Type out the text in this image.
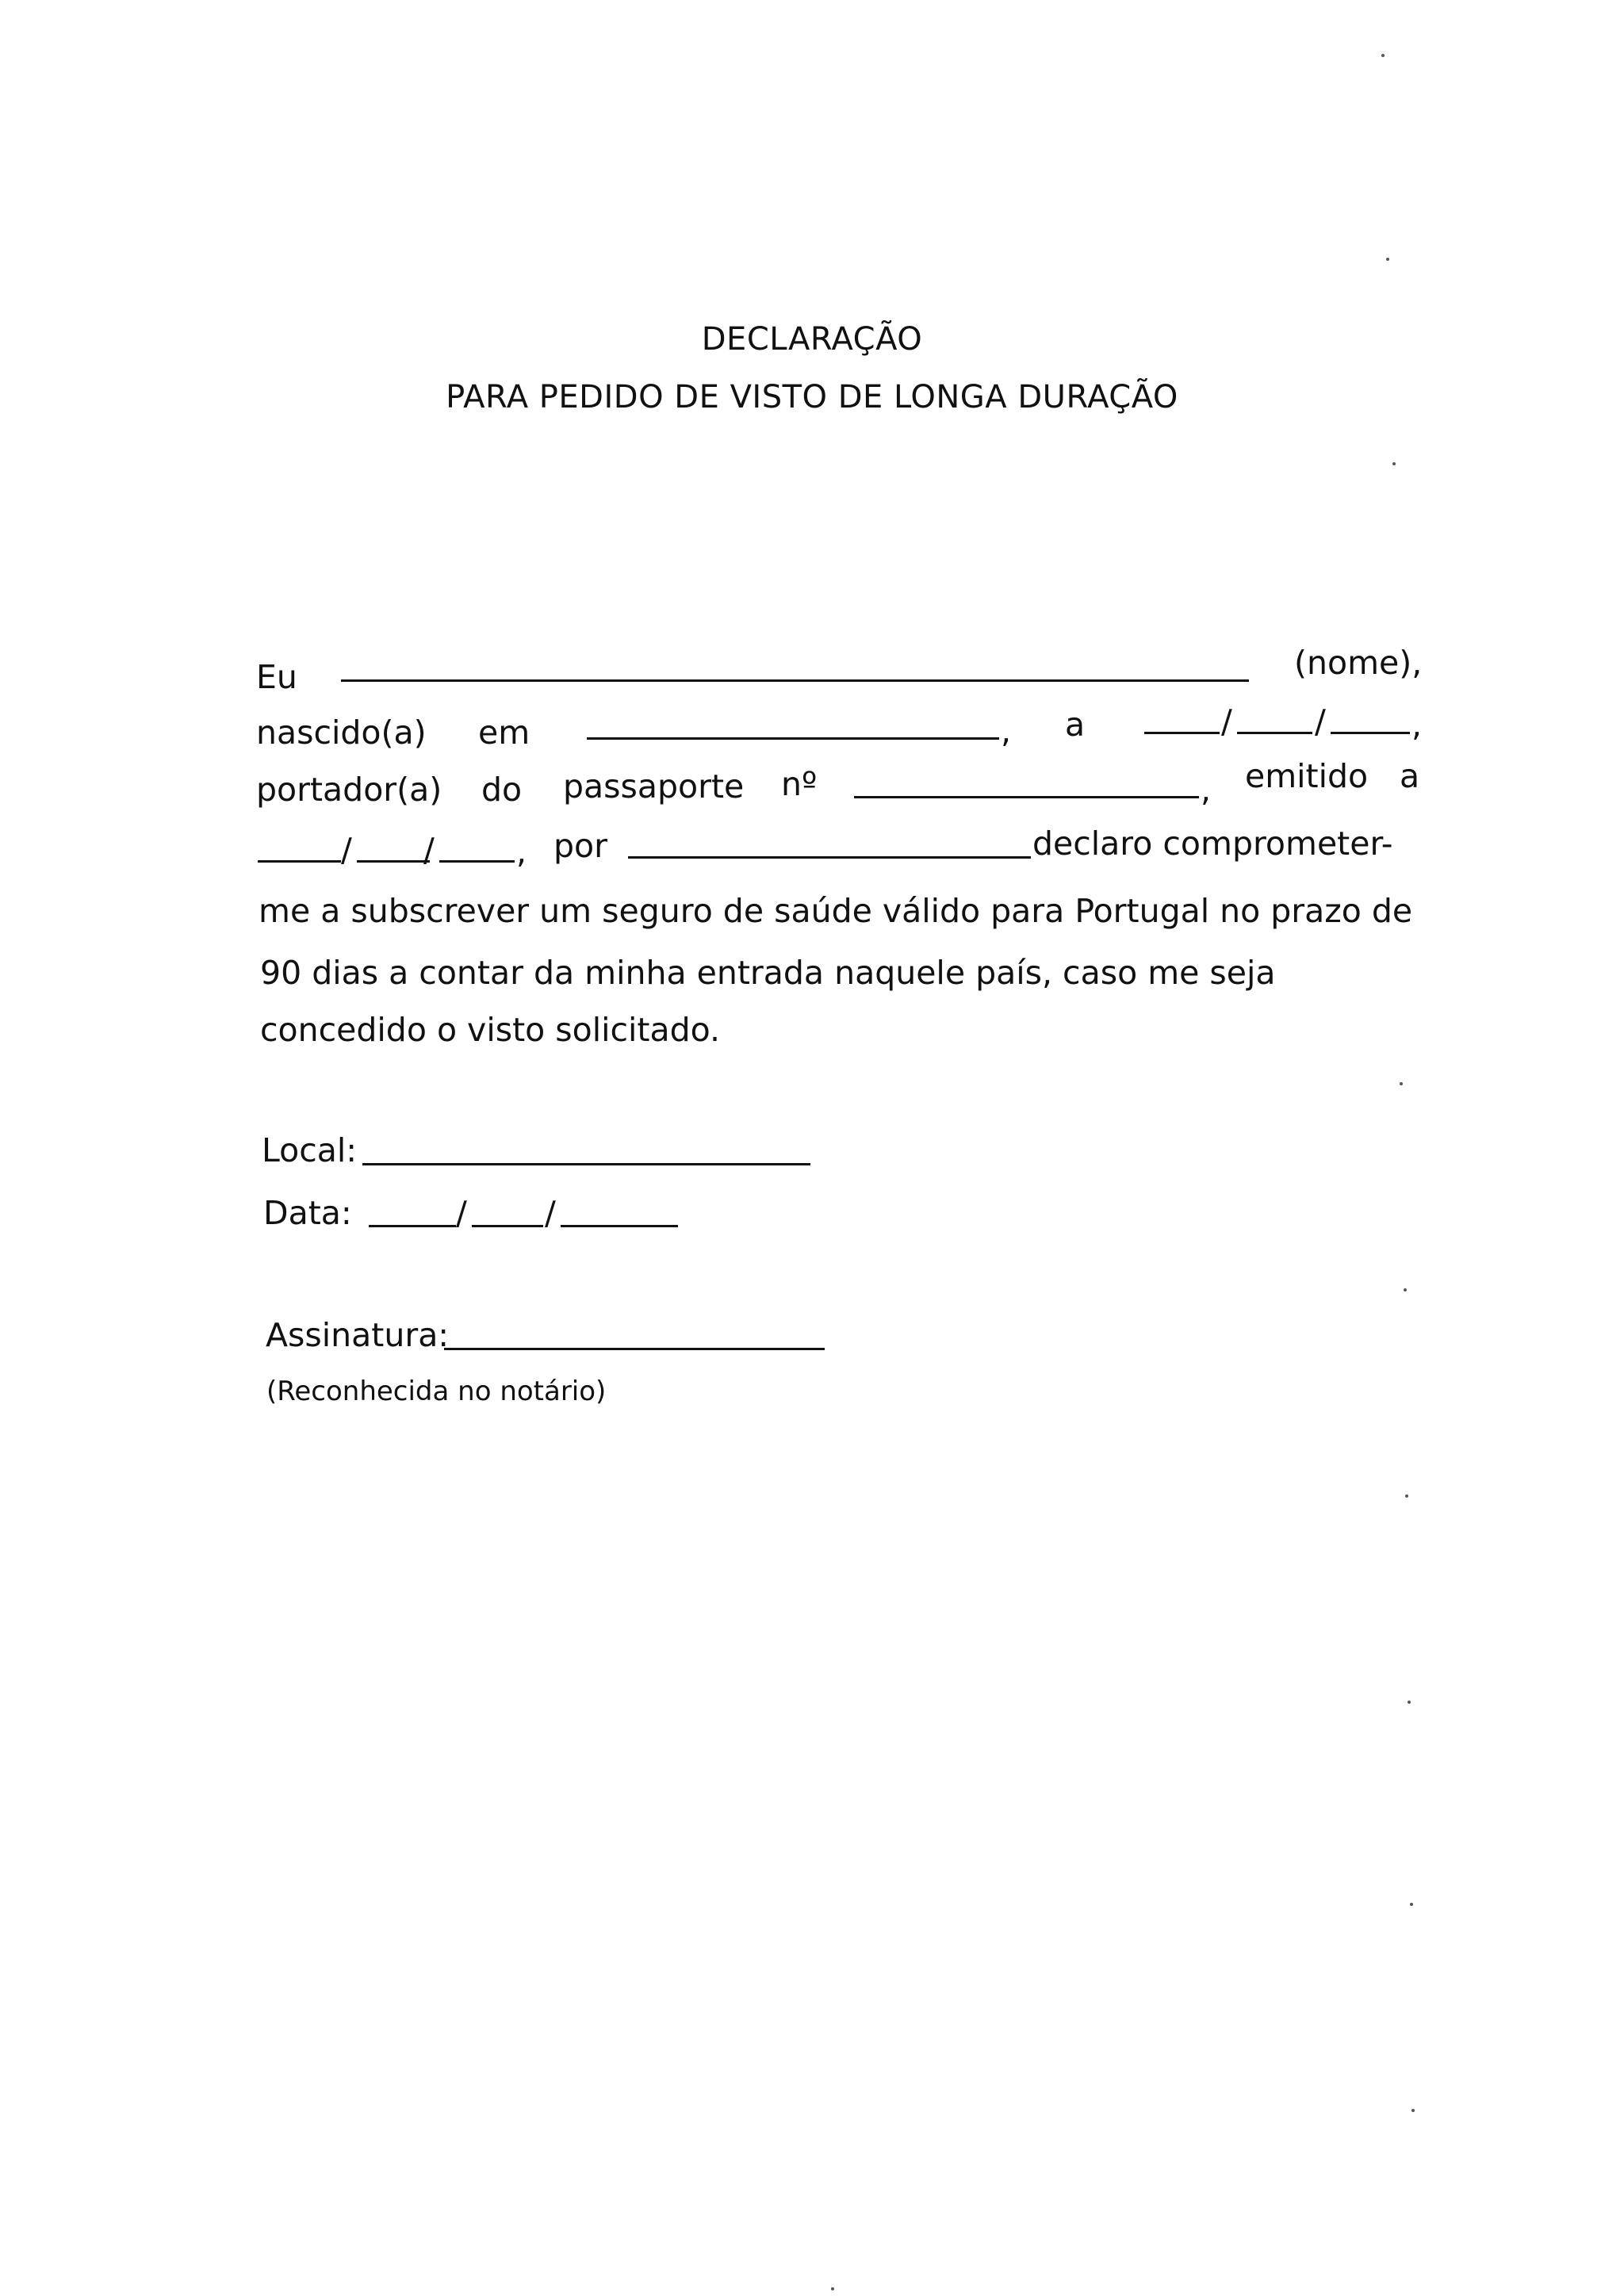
DECLARAÇÃO
PARA PEDIDO DE VISTO DE LONGA DURAÇÃO
Eu	(nome),
nascido(a) em	, a	/	/	,
portador(a) do passaporte nº	, emitido a
/ /	, por	declaro comprometer-
me a subscrever um seguro de saúde válido para Portugal no prazo de
90 dias a contar da minha entrada naquele país, caso me seja
concedido o visto solicitado.
Local:
Data:	/ /
Assinatura:
(Reconhecida no notário)
